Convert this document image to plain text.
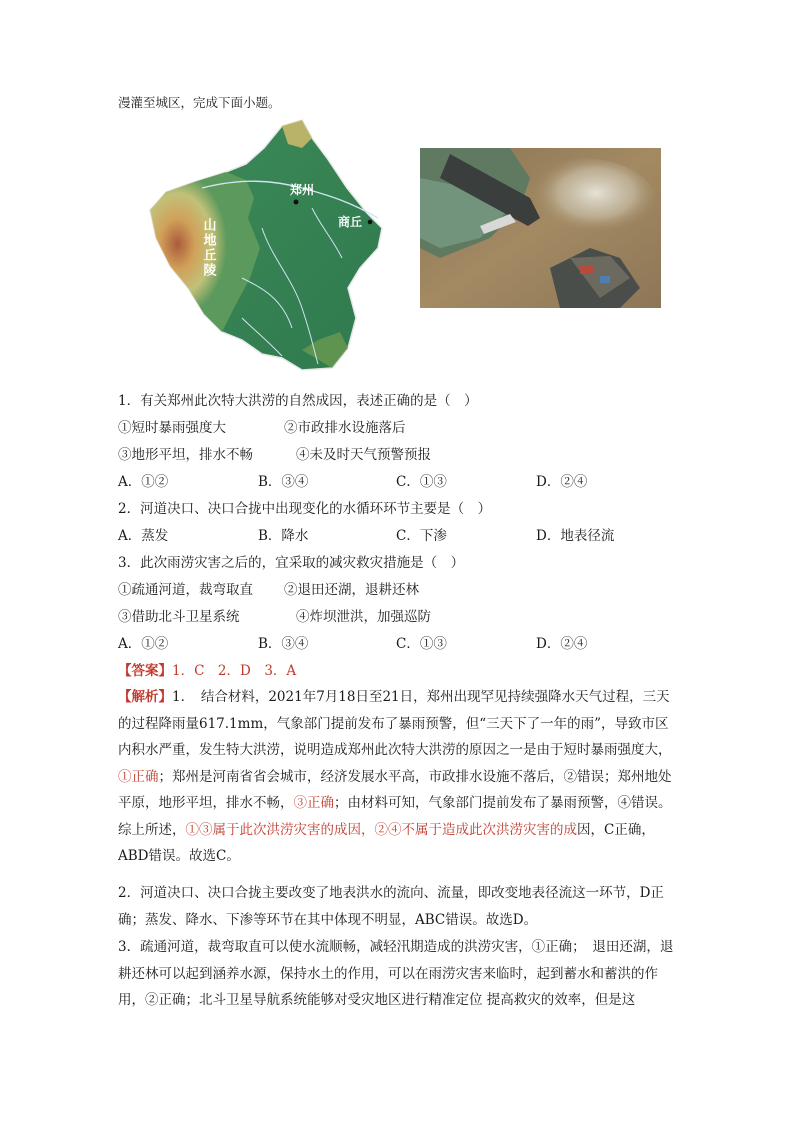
漫灌至城区，完成下面小题。
郑州
商丘
山地丘陵
1．有关郑州此次特大洪涝的自然成因，表述正确的是（　）
①短时暴雨强度大	②市政排水设施落后
③地形平坦，排水不畅	④未及时天气预警预报
A．①②	B．③④	C．①③	D．②④
2．河道决口、决口合拢中出现变化的水循环环节主要是（　）
A．蒸发	B．降水	C．下渗	D．地表径流
3．此次雨涝灾害之后的，宜采取的减灾救灾措施是（　）
①疏通河道，裁弯取直 ②退田还湖，退耕还林
③借助北斗卫星系统	④炸坝泄洪，加强巡防
A．①②	B．③④	C．①③	D．②④
【答案】1．C　2．D　3．A
【解析】1．　结合材料，2021年7月18日至21日，郑州出现罕见持续强降水天气过程，三天的过程降雨量617.1mm，气象部门提前发布了暴雨预警，但“三天下了一年的雨”，导致市区内积水严重，发生特大洪涝，说明造成郑州此次特大洪涝的原因之一是由于短时暴雨强度大，①正确；郑州是河南省省会城市，经济发展水平高，市政排水设施不落后，②错误；郑州地处平原，地形平坦，排水不畅，③正确；由材料可知，气象部门提前发布了暴雨预警，④错误。综上所述，①③属于此次洪涝灾害的成因，②④不属于造成此次洪涝灾害的成因，C正确，ABD错误。故选C。
2．河道决口、决口合拢主要改变了地表洪水的流向、流量，即改变地表径流这一环节，D正确；蒸发、降水、下渗等环节在其中体现不明显，ABC错误。故选D。
3．疏通河道，裁弯取直可以使水流顺畅，减轻汛期造成的洪涝灾害，①正确；　退田还湖，退耕还林可以起到涵养水源，保持水土的作用，可以在雨涝灾害来临时，起到蓄水和蓄洪的作用，②正确；北斗卫星导航系统能够对受灾地区进行精准定位 提高救灾的效率，但是这
